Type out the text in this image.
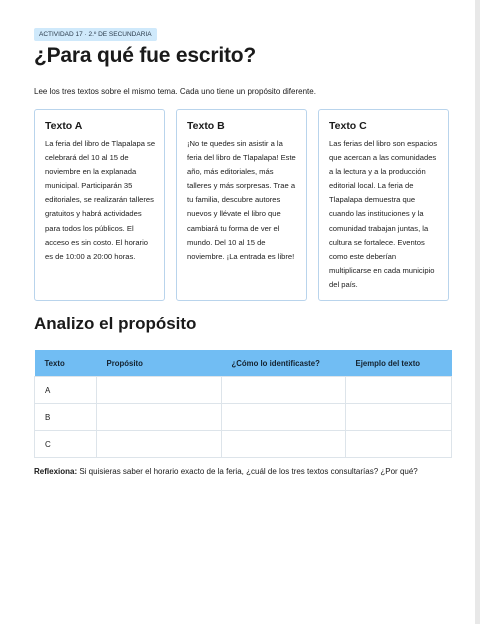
ACTIVIDAD 17 · 2.º DE SECUNDARIA
¿Para qué fue escrito?
Lee los tres textos sobre el mismo tema. Cada uno tiene un propósito diferente.
Texto A
La feria del libro de Tlapalapa se celebrará del 10 al 15 de noviembre en la explanada municipal. Participarán 35 editoriales, se realizarán talleres gratuitos y habrá actividades para todos los públicos. El acceso es sin costo. El horario es de 10:00 a 20:00 horas.
Texto B
¡No te quedes sin asistir a la feria del libro de Tlapalapa! Este año, más editoriales, más talleres y más sorpresas. Trae a tu familia, descubre autores nuevos y llévate el libro que cambiará tu forma de ver el mundo. Del 10 al 15 de noviembre. ¡La entrada es libre!
Texto C
Las ferias del libro son espacios que acercan a las comunidades a la lectura y a la producción editorial local. La feria de Tlapalapa demuestra que cuando las instituciones y la comunidad trabajan juntas, la cultura se fortalece. Eventos como este deberían multiplicarse en cada municipio del país.
Analizo el propósito
Texto	Propósito	¿Cómo lo identificaste?	Ejemplo del texto
A			
B			
C			
Reflexiona: Si quisieras saber el horario exacto de la feria, ¿cuál de los tres textos consultarías? ¿Por qué?
